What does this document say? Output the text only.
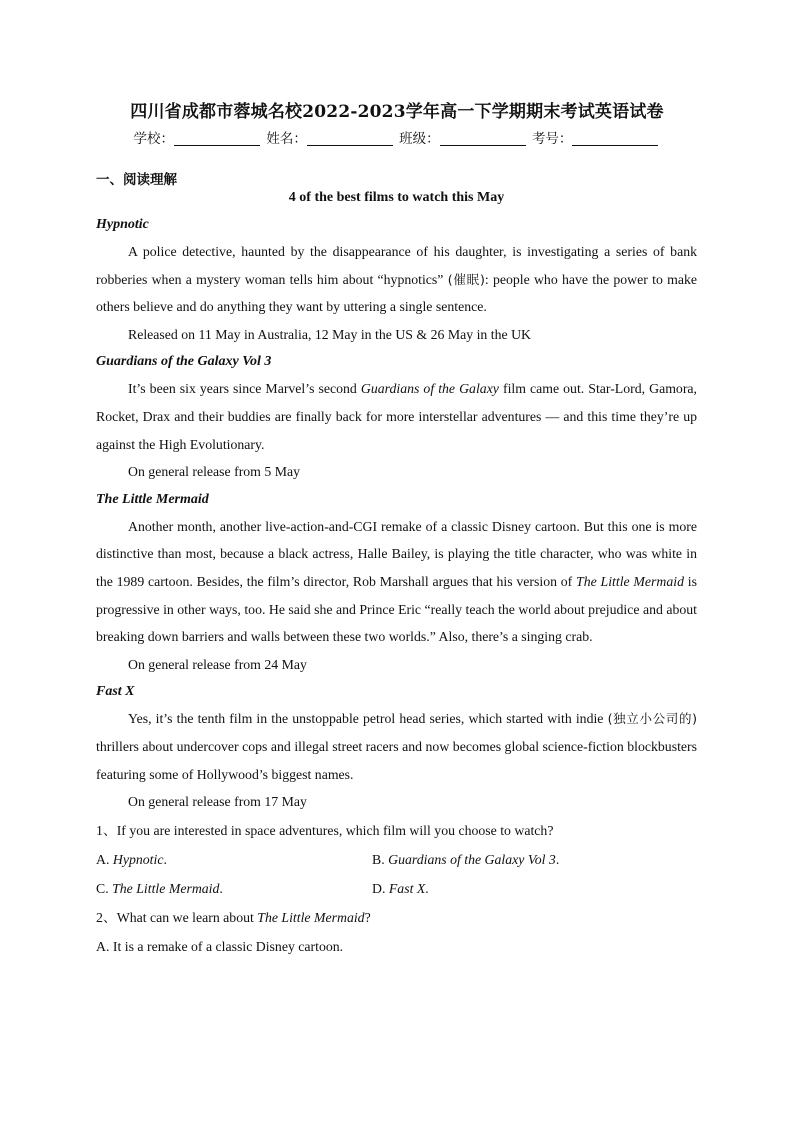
四川省成都市蓉城名校2022-2023学年高一下学期期末考试英语试卷
学校：	姓名：	班级：	考号：
一、阅读理解
4 of the best films to watch this May
Hypnotic

A police detective, haunted by the disappearance of his daughter, is investigating a series of bank robberies when a mystery woman tells him about “hypnotics” (催眠): people who have the power to make others believe and do anything they want by uttering a single sentence.

Released on 11 May in Australia, 12 May in the US & 26 May in the UK

Guardians of the Galaxy Vol 3

It’s been six years since Marvel’s second Guardians of the Galaxy film came out. Star-Lord, Gamora, Rocket, Drax and their buddies are finally back for more interstellar adventures — and this time they’re up against the High Evolutionary.

On general release from 5 May

The Little Mermaid

Another month, another live-action-and-CGI remake of a classic Disney cartoon. But this one is more distinctive than most, because a black actress, Halle Bailey, is playing the title character, who was white in the 1989 cartoon. Besides, the film’s director, Rob Marshall argues that his version of The Little Mermaid is progressive in other ways, too. He said she and Prince Eric “really teach the world about prejudice and about breaking down barriers and walls between these two worlds.” Also, there’s a singing crab.

On general release from 24 May

Fast X

Yes, it’s the tenth film in the unstoppable petrol head series, which started with indie (独立小公司的) thrillers about undercover cops and illegal street racers and now becomes global science-fiction blockbusters featuring some of Hollywood’s biggest names.

On general release from 17 May

1、If you are interested in space adventures, which film will you choose to watch?

A. Hypnotic.	B. Guardians of the Galaxy Vol 3.
C. The Little Mermaid.	D. Fast X.

2、What can we learn about The Little Mermaid?

A. It is a remake of a classic Disney cartoon.
